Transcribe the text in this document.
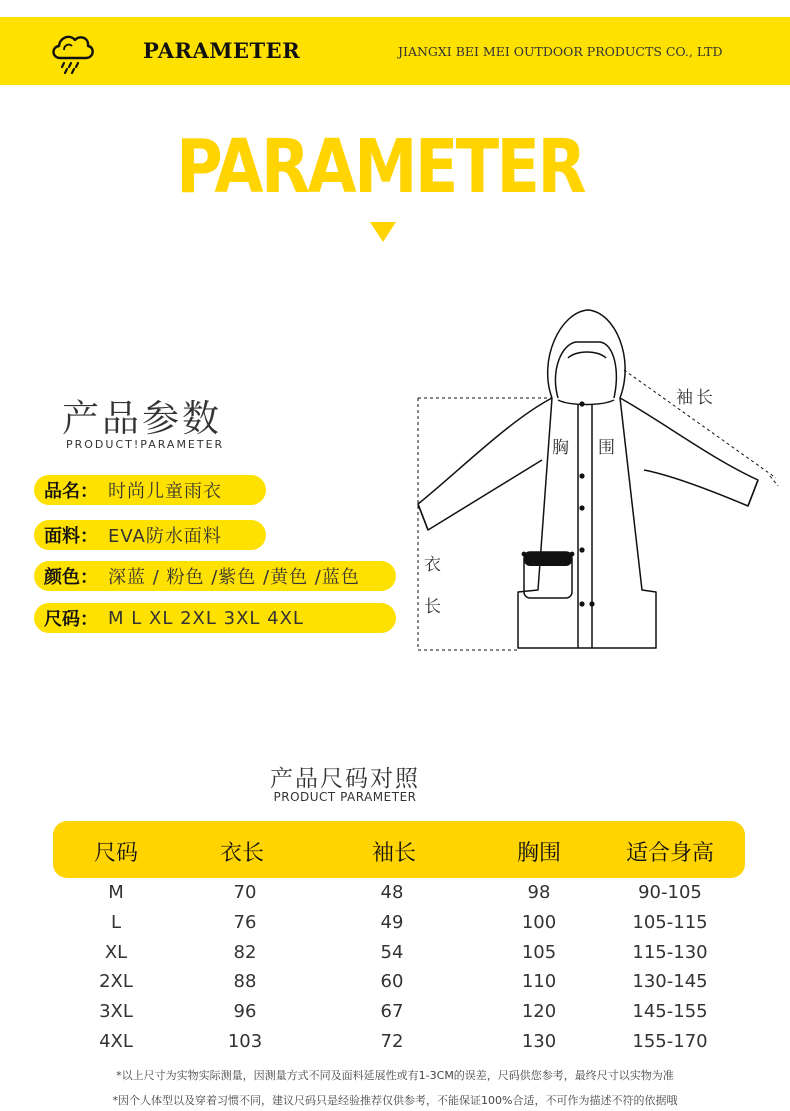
PARAMETER	JIANGXI BEI MEI OUTDOOR PRODUCTS CO., LTD
PARAMETER
产品参数
PRODUCT!PARAMETER
品名： 时尚儿童雨衣
面料： EVA防水面料
颜色： 深蓝 / 粉色 /紫色 /黄色 /蓝色
尺码： M L XL 2XL 3XL 4XL
袖长
胸 围
衣
长
产品尺码对照
PRODUCT PARAMETER
尺码	衣长	袖长	胸围	适合身高
M	70	48	98	90-105
L	76	49	100	105-115
XL	82	54	105	115-130
2XL	88	60	110	130-145
3XL	96	67	120	145-155
4XL	103	72	130	155-170
*以上尺寸为实物实际测量，因测量方式不同及面料延展性或有1-3CM的误差，尺码供您参考，最终尺寸以实物为准
*因个人体型以及穿着习惯不同，建议尺码只是经验推荐仅供参考，不能保证100%合适，不可作为描述不符的依据哦
